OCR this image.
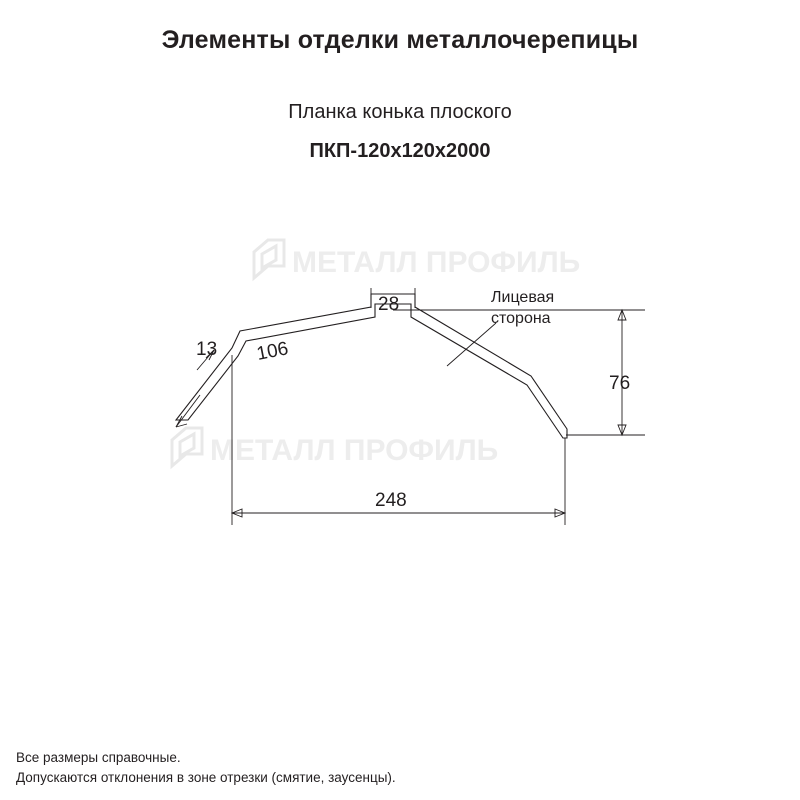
Элементы отделки металлочерепицы
Планка конька плоского
ПКП-120х120х2000
МЕТАЛЛ ПРОФИЛЬ
МЕТАЛЛ ПРОФИЛЬ
13 106
28	Лицевая
сторона
76
248
Все размеры справочные.
Допускаются отклонения в зоне отрезки (смятие, заусенцы).
